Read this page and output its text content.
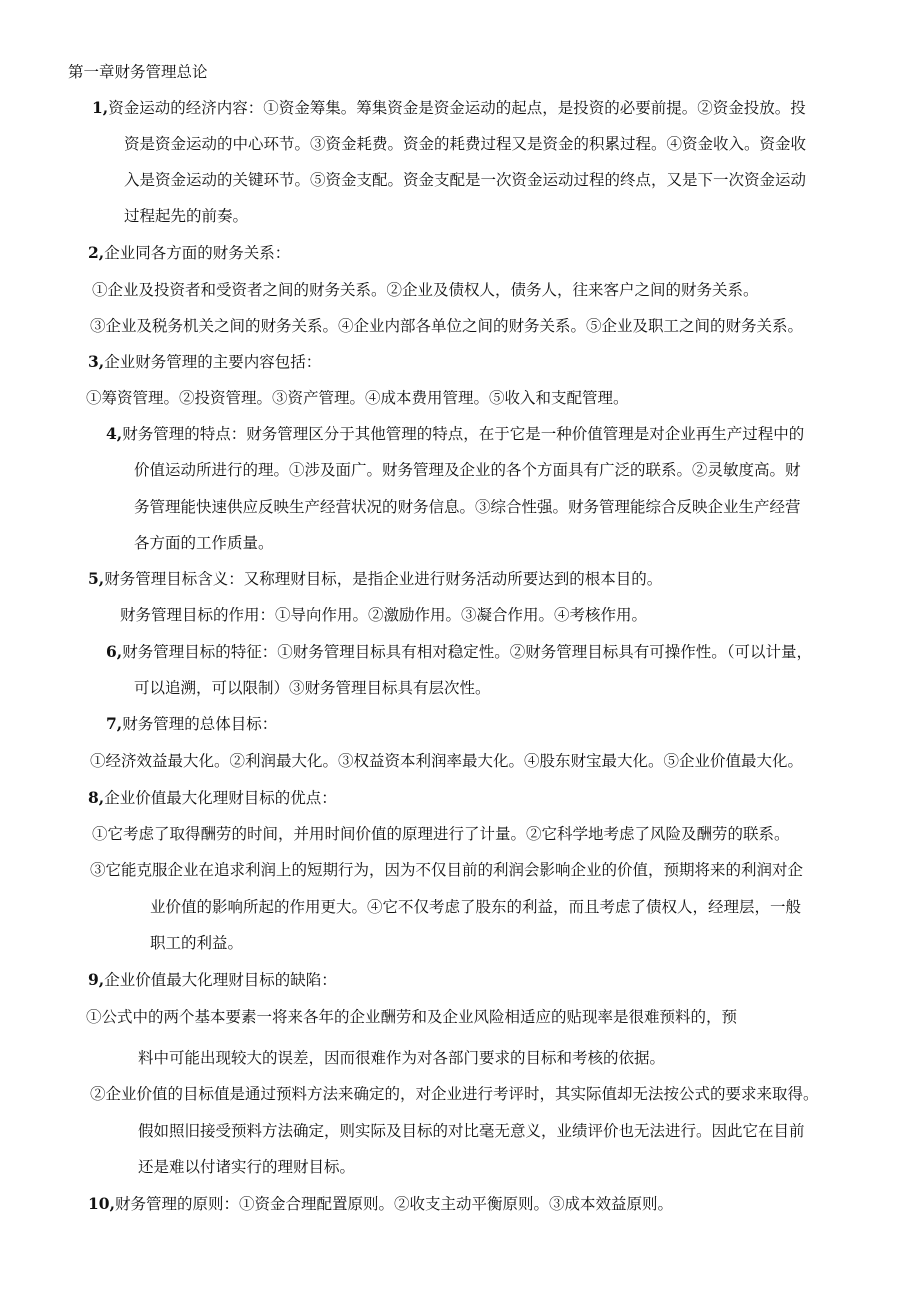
第一章财务管理总论
1,资金运动的经济内容：①资金筹集。筹集资金是资金运动的起点，是投资的必要前提。②资金投放。投
资是资金运动的中心环节。③资金耗费。资金的耗费过程又是资金的积累过程。④资金收入。资金收
入是资金运动的关键环节。⑤资金支配。资金支配是一次资金运动过程的终点，又是下一次资金运动
过程起先的前奏。
2,企业同各方面的财务关系：
①企业及投资者和受资者之间的财务关系。②企业及债权人，债务人，往来客户之间的财务关系。
③企业及税务机关之间的财务关系。④企业内部各单位之间的财务关系。⑤企业及职工之间的财务关系。
3,企业财务管理的主要内容包括：
①筹资管理。②投资管理。③资产管理。④成本费用管理。⑤收入和支配管理。
4,财务管理的特点：财务管理区分于其他管理的特点，在于它是一种价值管理是对企业再生产过程中的
价值运动所进行的理。①涉及面广。财务管理及企业的各个方面具有广泛的联系。②灵敏度高。财
务管理能快速供应反映生产经营状况的财务信息。③综合性强。财务管理能综合反映企业生产经营
各方面的工作质量。
5,财务管理目标含义：又称理财目标，是指企业进行财务活动所要达到的根本目的。
财务管理目标的作用：①导向作用。②激励作用。③凝合作用。④考核作用。
6,财务管理目标的特征：①财务管理目标具有相对稳定性。②财务管理目标具有可操作性。（可以计量，
可以追溯，可以限制）③财务管理目标具有层次性。
7,财务管理的总体目标：
①经济效益最大化。②利润最大化。③权益资本利润率最大化。④股东财宝最大化。⑤企业价值最大化。
8,企业价值最大化理财目标的优点：
①它考虑了取得酬劳的时间，并用时间价值的原理进行了计量。②它科学地考虑了风险及酬劳的联系。
③它能克服企业在追求利润上的短期行为，因为不仅目前的利润会影响企业的价值，预期将来的利润对企
业价值的影响所起的作用更大。④它不仅考虑了股东的利益，而且考虑了债权人，经理层，一般
职工的利益。
9,企业价值最大化理财目标的缺陷：
①公式中的两个基本要素一将来各年的企业酬劳和及企业风险相适应的贴现率是很难预料的，预
料中可能出现较大的误差，因而很难作为对各部门要求的目标和考核的依据。
②企业价值的目标值是通过预料方法来确定的，对企业进行考评时，其实际值却无法按公式的要求来取得。
假如照旧接受预料方法确定，则实际及目标的对比毫无意义，业绩评价也无法进行。因此它在目前
还是难以付诸实行的理财目标。
10,财务管理的原则：①资金合理配置原则。②收支主动平衡原则。③成本效益原则。
